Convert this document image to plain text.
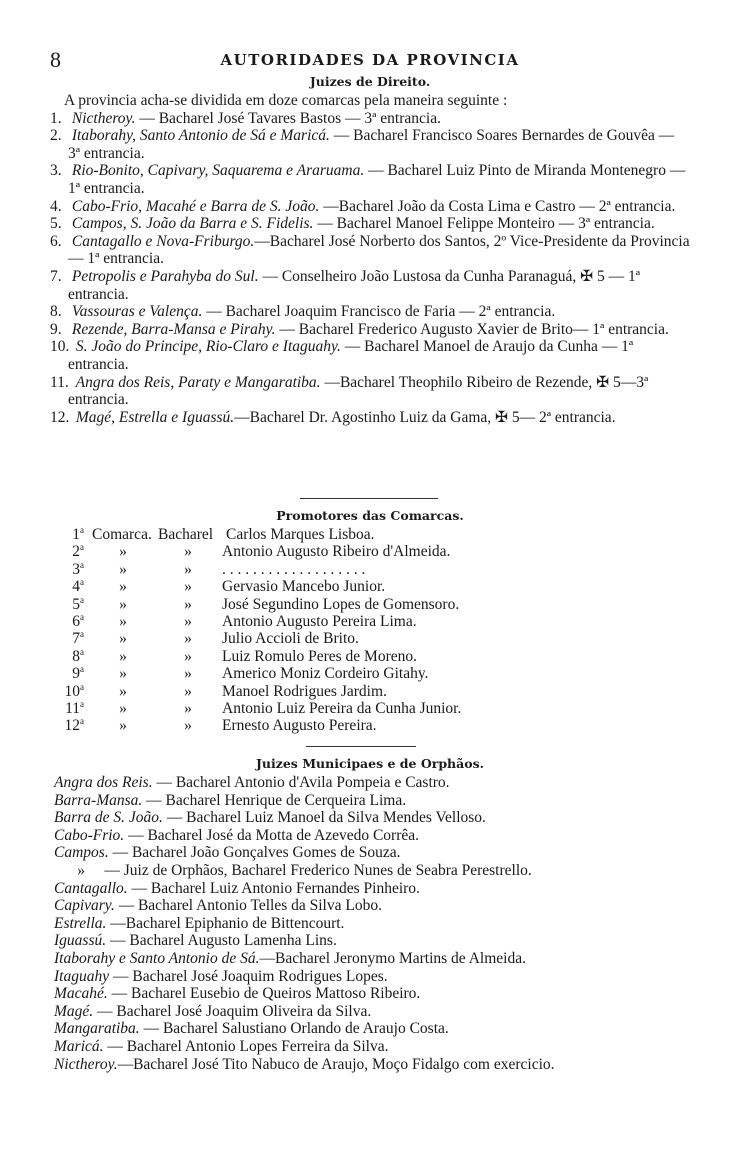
8	AUTORIDADES DA PROVINCIA
Juizes de Direito.

A provincia acha-se dividida em doze comarcas pela maneira seguinte :

1. Nictheroy. — Bacharel José Tavares Bastos — 3ª entrancia.

2. Itaborahy, Santo Antonio de Sá e Maricá. — Bacharel Francisco Soares Bernardes de Gouvêa — 3ª entrancia.

3. Rio-Bonito, Capivary, Saquarema e Araruama. — Bacharel Luiz Pinto de Miranda Montenegro — 1ª entrancia.

4. Cabo-Frio, Macahé e Barra de S. João. —Bacharel João da Costa Lima e Castro — 2ª entrancia.

5. Campos, S. João da Barra e S. Fidelis. — Bacharel Manoel Felippe Monteiro — 3ª entrancia.

6. Cantagallo e Nova-Friburgo.—Bacharel José Norberto dos Santos, 2º Vice-Presidente da Provincia — 1ª entrancia.

7. Petropolis e Parahyba do Sul. — Conselheiro João Lustosa da Cunha Paranaguá, ✠ 5 — 1ª entrancia.

8. Vassouras e Valença. — Bacharel Joaquim Francisco de Faria — 2ª entrancia.

9. Rezende, Barra-Mansa e Pirahy. — Bacharel Frederico Augusto Xavier de Brito— 1ª entrancia.

10. S. João do Principe, Rio-Claro e Itaguahy. — Bacharel Manoel de Araujo da Cunha — 1ª entrancia.

11. Angra dos Reis, Paraty e Mangaratiba. —Bacharel Theophilo Ribeiro de Rezende, ✠ 5—3ª entrancia.

12. Magé, Estrella e Iguassú.—Bacharel Dr. Agostinho Luiz da Gama, ✠ 5— 2ª entrancia.

Promotores das Comarcas.
1$^a$ Comarca. Bacharel Carlos Marques Lisboa.
2$^a$	»	»	Antonio Augusto Ribeiro d'Almeida.
3$^a$	»	»	. . . . . . . . . . . . . . . . . . .
4$^a$	»	»	Gervasio Mancebo Junior.
5$^a$	»	»	José Segundino Lopes de Gomensoro.
6$^a$	»	»	Antonio Augusto Pereira Lima.
7$^a$	»	»	Julio Accioli de Brito.
8$^a$	»	»	Luiz Romulo Peres de Moreno.
9$^a$	»	»	Americo Moniz Cordeiro Gitahy.
10$^a$	»	»	Manoel Rodrigues Jardim.
11$^a$	»	»	Antonio Luiz Pereira da Cunha Junior.
12$^a$	»	»	Ernesto Augusto Pereira.
Juizes Municipaes e de Orphãos.
Angra dos Reis. — Bacharel Antonio d'Avila Pompeia e Castro.
Barra-Mansa. — Bacharel Henrique de Cerqueira Lima.
Barra de S. João. — Bacharel Luiz Manoel da Silva Mendes Velloso.
Cabo-Frio. — Bacharel José da Motta de Azevedo Corrêa.
Campos. — Bacharel João Gonçalves Gomes de Souza.
»     — Juiz de Orphãos, Bacharel Frederico Nunes de Seabra Perestrello.
Cantagallo. — Bacharel Luiz Antonio Fernandes Pinheiro.
Capivary. — Bacharel Antonio Telles da Silva Lobo.
Estrella. —Bacharel Epiphanio de Bittencourt.
Iguassú. — Bacharel Augusto Lamenha Lins.
Itaborahy e Santo Antonio de Sá.—Bacharel Jeronymo Martins de Almeida.
Itaguahy — Bacharel José Joaquim Rodrigues Lopes.
Macahé. — Bacharel Eusebio de Queiros Mattoso Ribeiro.
Magé. — Bacharel José Joaquim Oliveira da Silva.
Mangaratiba. — Bacharel Salustiano Orlando de Araujo Costa.
Maricá. — Bacharel Antonio Lopes Ferreira da Silva.
Nictheroy.—Bacharel José Tito Nabuco de Araujo, Moço Fidalgo com exercicio.
